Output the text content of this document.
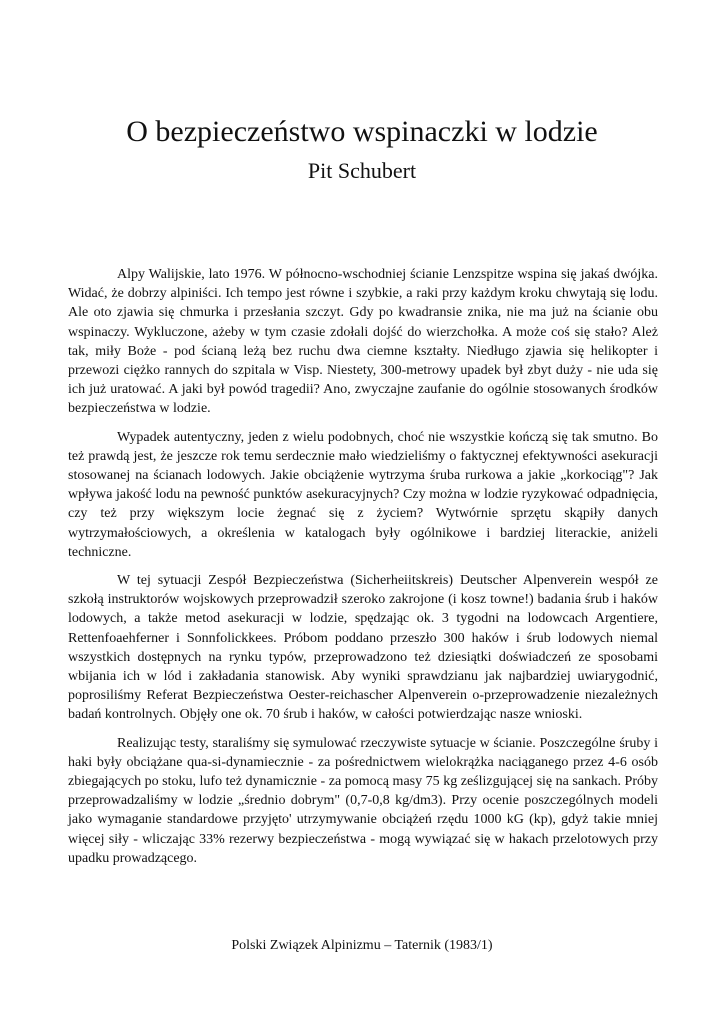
O bezpieczeństwo wspinaczki w lodzie
Pit Schubert

Alpy Walijskie, lato 1976. W północno-wschodniej ścianie Lenzspitze wspina się jakaś dwójka. Widać, że dobrzy alpiniści. Ich tempo jest równe i szybkie, a raki przy każdym kroku chwytają się lodu. Ale oto zjawia się chmurka i przesłania szczyt. Gdy po kwadransie znika, nie ma już na ścianie obu wspinaczy. Wykluczone, ażeby w tym czasie zdołali dojść do wierzchołka. A może coś się stało? Ależ tak, miły Boże - pod ścianą leżą bez ruchu dwa ciemne kształty. Niedługo zjawia się helikopter i przewozi ciężko rannych do szpitala w Visp. Niestety, 300-metrowy upadek był zbyt duży - nie uda się ich już uratować. A jaki był powód tragedii? Ano, zwyczajne zaufanie do ogólnie stosowanych środków bezpieczeństwa w lodzie.

Wypadek autentyczny, jeden z wielu podobnych, choć nie wszystkie kończą się tak smutno. Bo też prawdą jest, że jeszcze rok temu serdecznie mało wiedzieliśmy o faktycznej efektywności asekuracji stosowanej na ścianach lodowych. Jakie obciążenie wytrzyma śruba rurkowa a jakie „korkociąg"? Jak wpływa jakość lodu na pewność punktów asekuracyjnych? Czy można w lodzie ryzykować odpadnięcia, czy też przy większym locie żegnać się z życiem? Wytwórnie sprzętu skąpiły danych wytrzymałościowych, a określenia w katalogach były ogólnikowe i bardziej literackie, aniżeli techniczne.

W tej sytuacji Zespół Bezpieczeństwa (Sicherheiitskreis) Deutscher Alpenverein wespół ze szkołą instruktorów wojskowych przeprowadził szeroko zakrojone (i kosz towne!) badania śrub i haków lodowych, a także metod asekuracji w lodzie, spędzając ok. 3 tygodni na lodowcach Argentiere, Rettenfoaehferner i Sonnfolickkees. Próbom poddano przeszło 300 haków i śrub lodowych niemal wszystkich dostępnych na rynku typów, przeprowadzono też dziesiątki doświadczeń ze sposobami wbijania ich w lód i zakładania stanowisk. Aby wyniki sprawdzianu jak najbardziej uwiarygodnić, poprosiliśmy Referat Bezpieczeństwa Oester-reichascher Alpenverein o-przeprowadzenie niezależnych badań kontrolnych. Objęły one ok. 70 śrub i haków, w całości potwierdzając nasze wnioski.

Realizując testy, staraliśmy się symulować rzeczywiste sytuacje w ścianie. Poszczególne śruby i haki były obciążane qua-si-dynamiecznie - za pośrednictwem wielokrążka naciąganego przez 4-6 osób zbiegających po stoku, lufo też dynamicznie - za pomocą masy 75 kg ześlizgującej się na sankach. Próby przeprowadzaliśmy w lodzie „średnio dobrym" (0,7-0,8 kg/dm3). Przy ocenie poszczególnych modeli jako wymaganie standardowe przyjęto' utrzymywanie obciążeń rzędu 1000 kG (kp), gdyż takie mniej więcej siły - wliczając 33% rezerwy bezpieczeństwa - mogą wywiązać się w hakach przelotowych przy upadku prowadzącego.

Polski Związek Alpinizmu – Taternik (1983/1)
